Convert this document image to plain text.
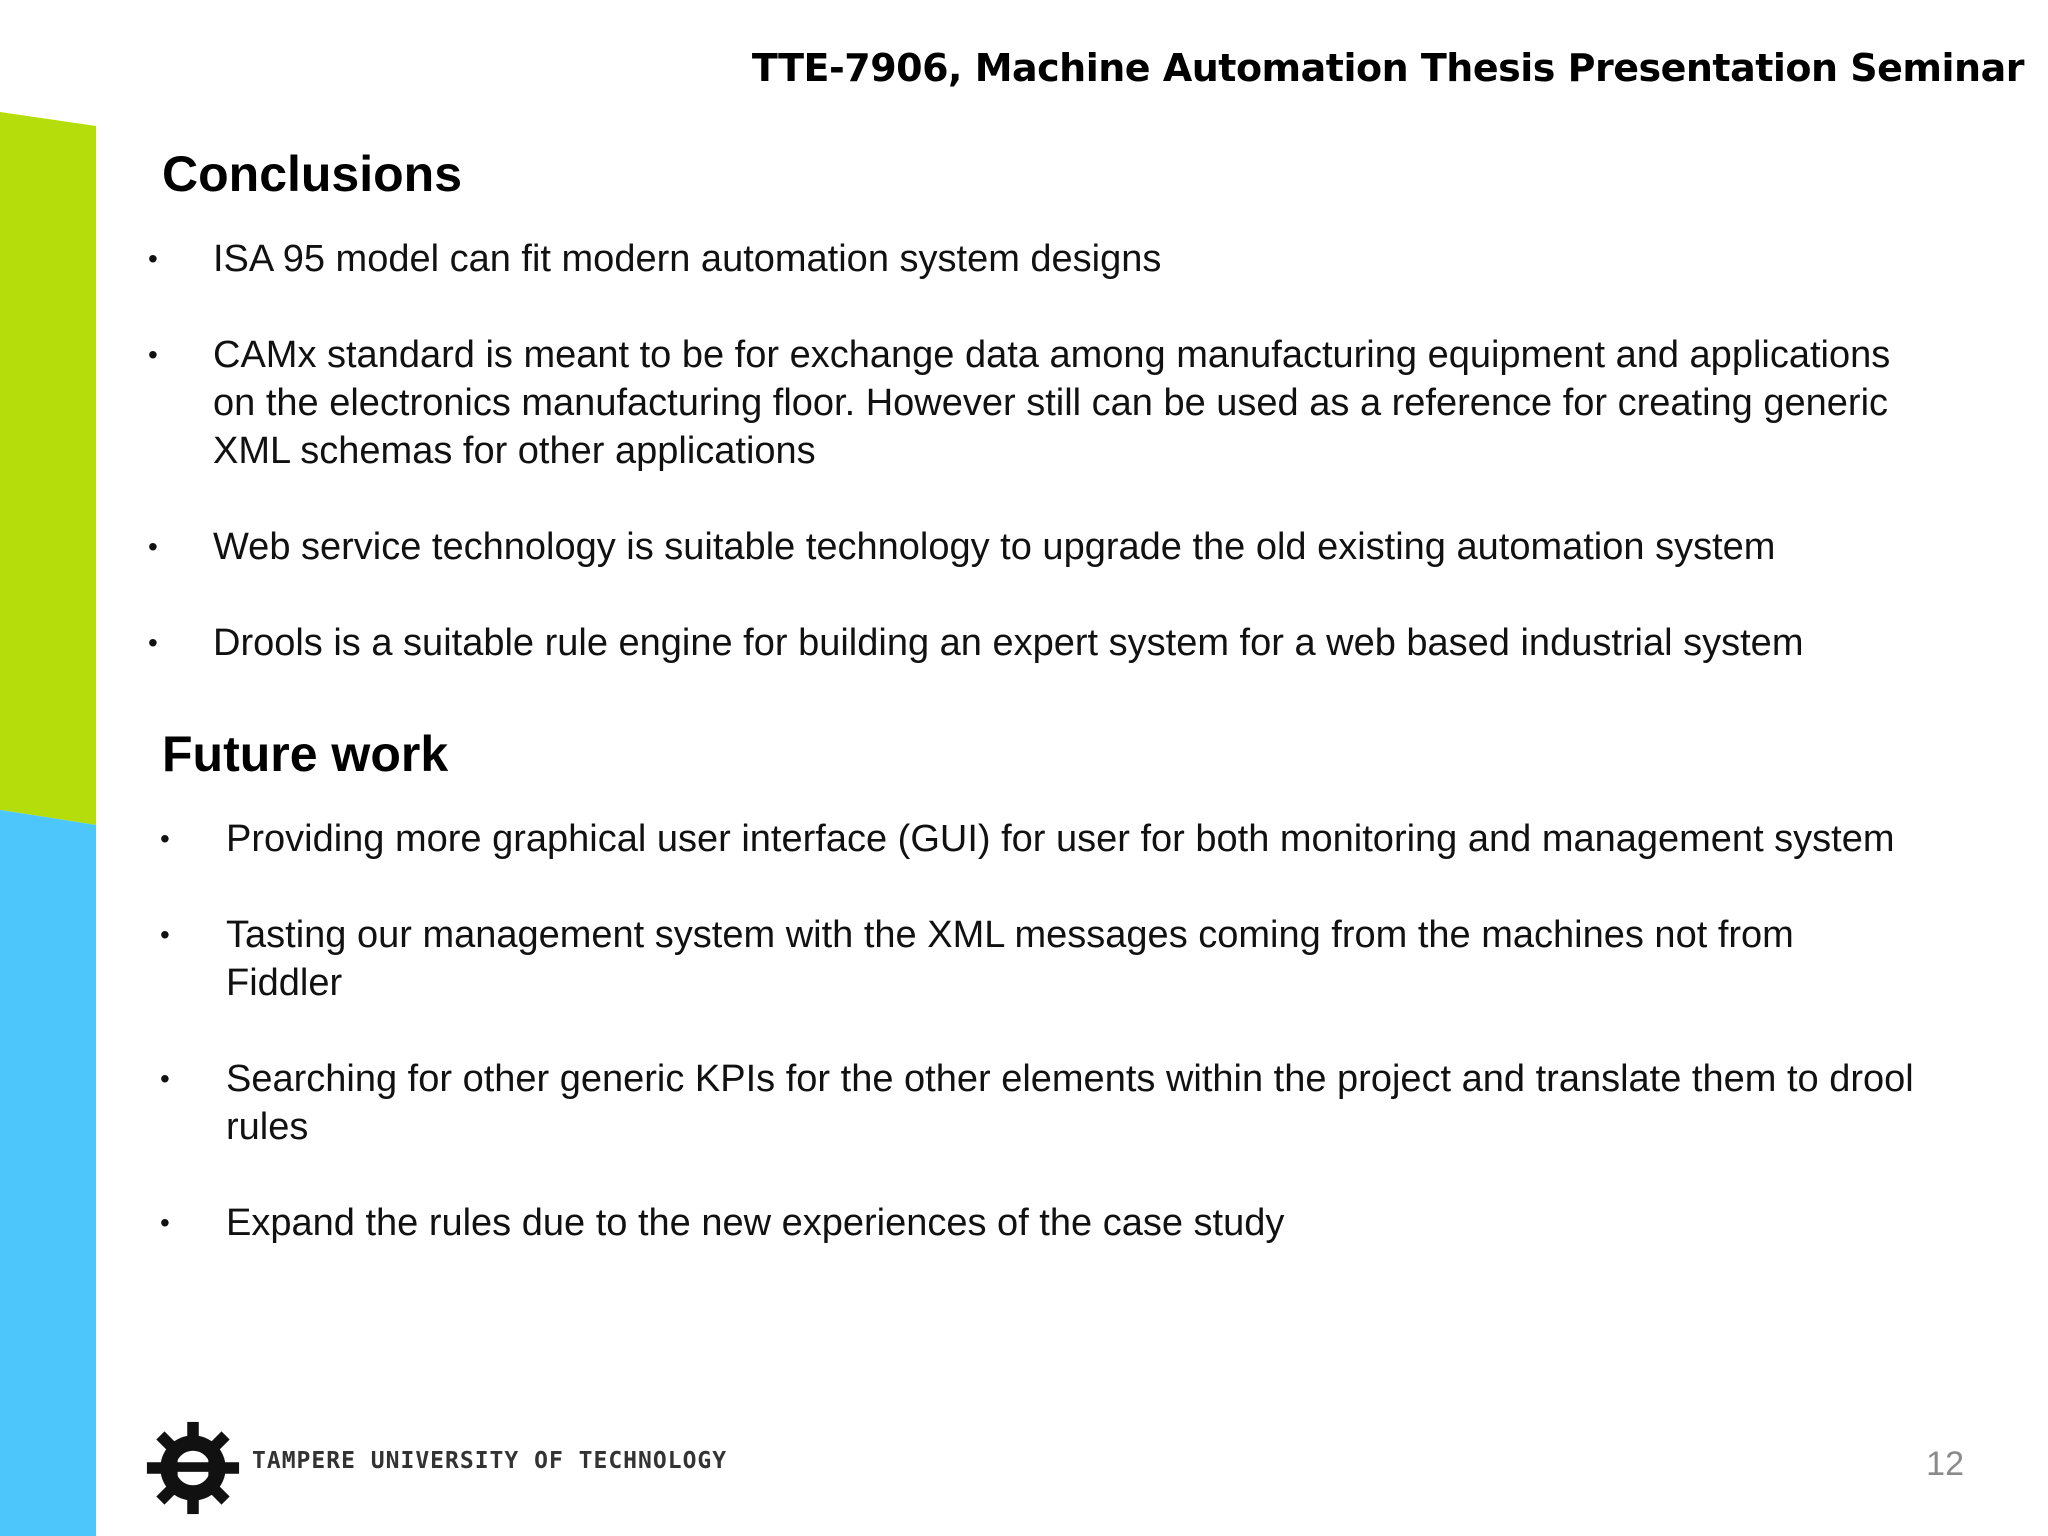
TTE-7906, Machine Automation Thesis Presentation Seminar
Conclusions
•	ISA 95 model can fit modern automation system designs
•	CAMx standard is meant to be for exchange data among manufacturing equipment and applications on the electronics manufacturing floor. However still can be used as a reference for creating generic XML schemas for other applications
•	Web service technology is suitable technology to upgrade the old existing automation system
•	Drools is a suitable rule engine for building an expert system for a web based industrial system
Future work
•	Providing more graphical user interface (GUI) for user for both monitoring and management system
•	Tasting our management system with the XML messages coming from the machines not from Fiddler
•	Searching for other generic KPIs for the other elements within the project and translate them to drool rules
•	Expand the rules due to the new experiences of the case study
TAMPERE UNIVERSITY OF TECHNOLOGY	12
